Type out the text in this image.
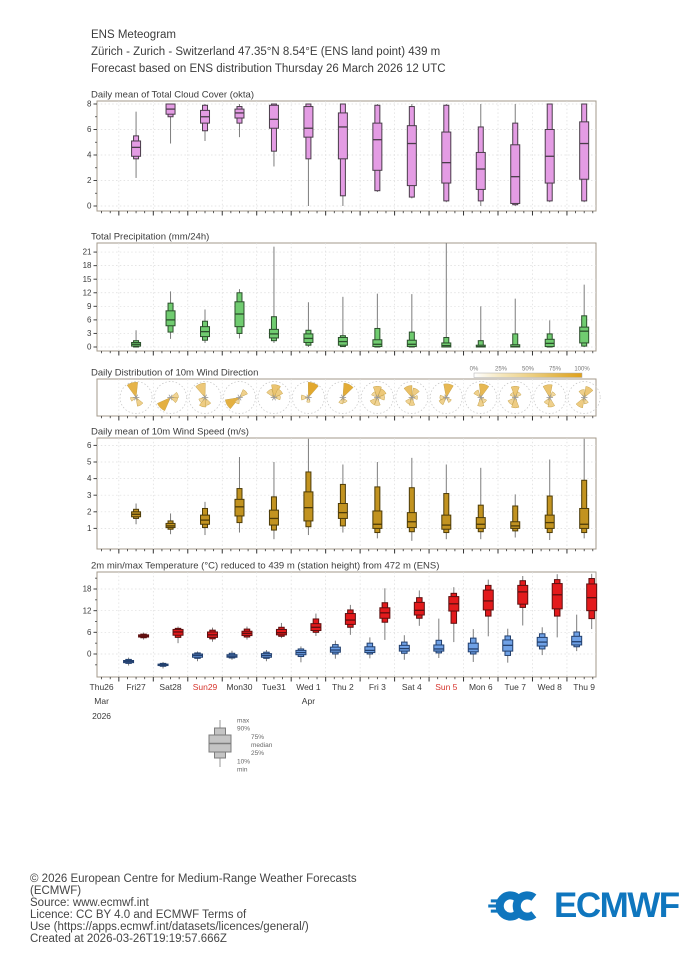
ENS Meteogram
Zürich - Zurich - Switzerland 47.35°N 8.54°E (ENS land point) 439 m
Forecast based on ENS distribution Thursday 26 March 2026 12 UTC
Daily mean of Total Cloud Cover (okta)
0
2
4
6
8
Total Precipitation (mm/24h)
0
3
6
9
12
15
18
21
Daily Distribution of 10m Wind Direction	0%	25% 50% 75% 100%
Daily mean of 10m Wind Speed (m/s)
1
2
3
4
5
6
2m min/max Temperature (°C) reduced to 439 m (station height) from 472 m (ENS)
0
6
12
18
Thu26 Fri27 Sat28 Sun29 Mon30 Tue31 Wed 1 Thu 2 Fri 3 Sat 4 Sun 5 Mon 6 Tue 7 Wed 8 Thu 9
Mar	Apr
2026	max
90%
75%
median
25%
10%
min
© 2026 European Centre for Medium-Range Weather Forecasts
(ECMWF)
Source: www.ecmwf.int
Licence: CC BY 4.0 and ECMWF Terms of
Use (https://apps.ecmwf.int/datasets/licences/general/)
Created at 2026-03-26T19:19:57.666Z
ECMWF
